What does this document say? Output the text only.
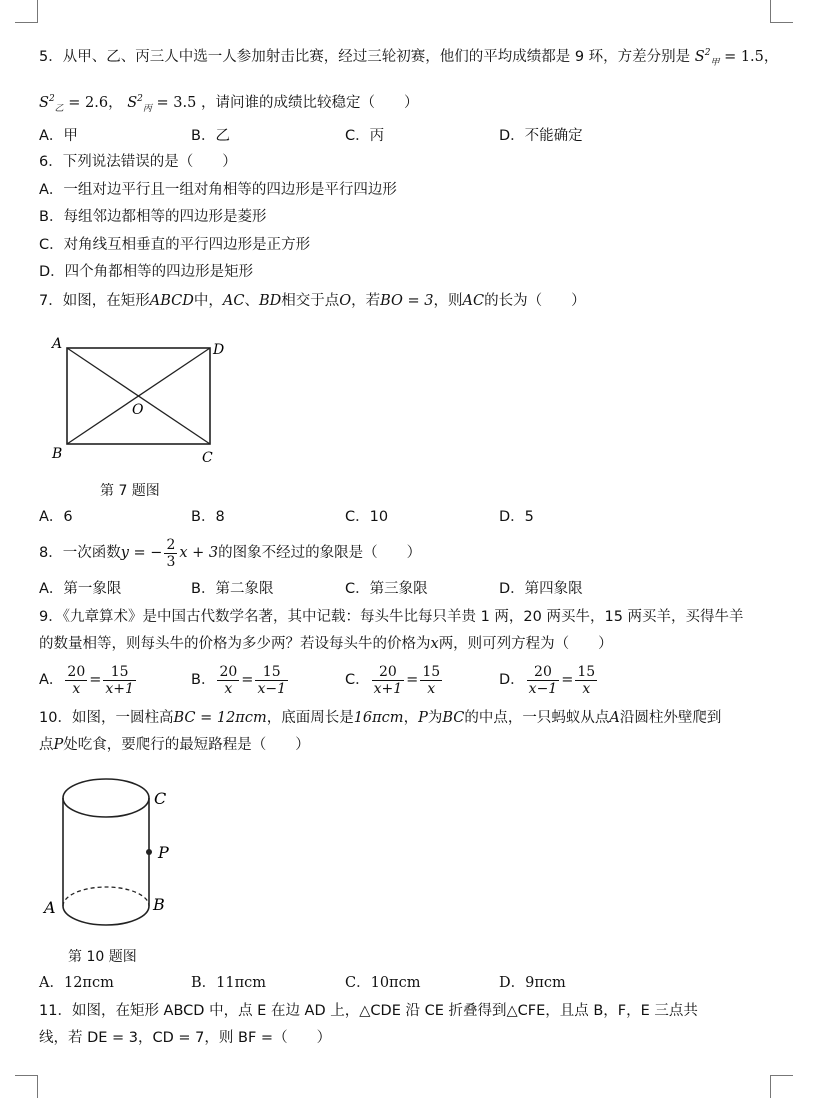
5．从甲、乙、丙三人中选一人参加射击比赛，经过三轮初赛，他们的平均成绩都是 9 环，方差分别是 $S^2_甲 = 1.5$，
$S^2_乙 = 2.6$， $S^2_丙 = 3.5$ ，请问谁的成绩比较稳定（　　）
A．甲	B．乙	C．丙	D．不能确定
6．下列说法错误的是（　　）
A．一组对边平行且一组对角相等的四边形是平行四边形
B．每组邻边都相等的四边形是菱形
C．对角线互相垂直的平行四边形是正方形
D．四个角都相等的四边形是矩形
7．如图，在矩形ABCD中，AC、BD相交于点O，若BO = 3，则AC的长为（　　）
A	D
B	C
O
第 7 题图
A．6	B．8	C．10	D．5
8．一次函数y = − $\frac{2}{3}$ x + 3的图象不经过的象限是（　　）
A．第一象限	B．第二象限	C．第三象限	D．第四象限
9．《九章算术》是中国古代数学名著，其中记载：每头牛比每只羊贵 1 两，20 两买牛，15 两买羊，买得牛羊
的数量相等，则每头牛的价格为多少两？若设每头牛的价格为x两，则可列方程为（　　）
A． $\frac{20}{x} = \frac{15}{x+1}$	B． $\frac{20}{x} = \frac{15}{x-1}$	C． $\frac{20}{x+1} = \frac{15}{x}$	D． $\frac{20}{x-1} = \frac{15}{x}$
10．如图，一圆柱高BC = 12πcm，底面周长是16πcm，P为BC的中点，一只蚂蚁从点A沿圆柱外壁爬到
点P处吃食，要爬行的最短路程是（　　）
C
P
A	B
第 10 题图
A．12πcm	B．11πcm	C．10πcm	D．9πcm
11．如图，在矩形 ABCD 中，点 E 在边 AD 上，△CDE 沿 CE 折叠得到△CFE，且点 B，F，E 三点共
线，若 DE = 3，CD = 7，则 BF =（　　）
